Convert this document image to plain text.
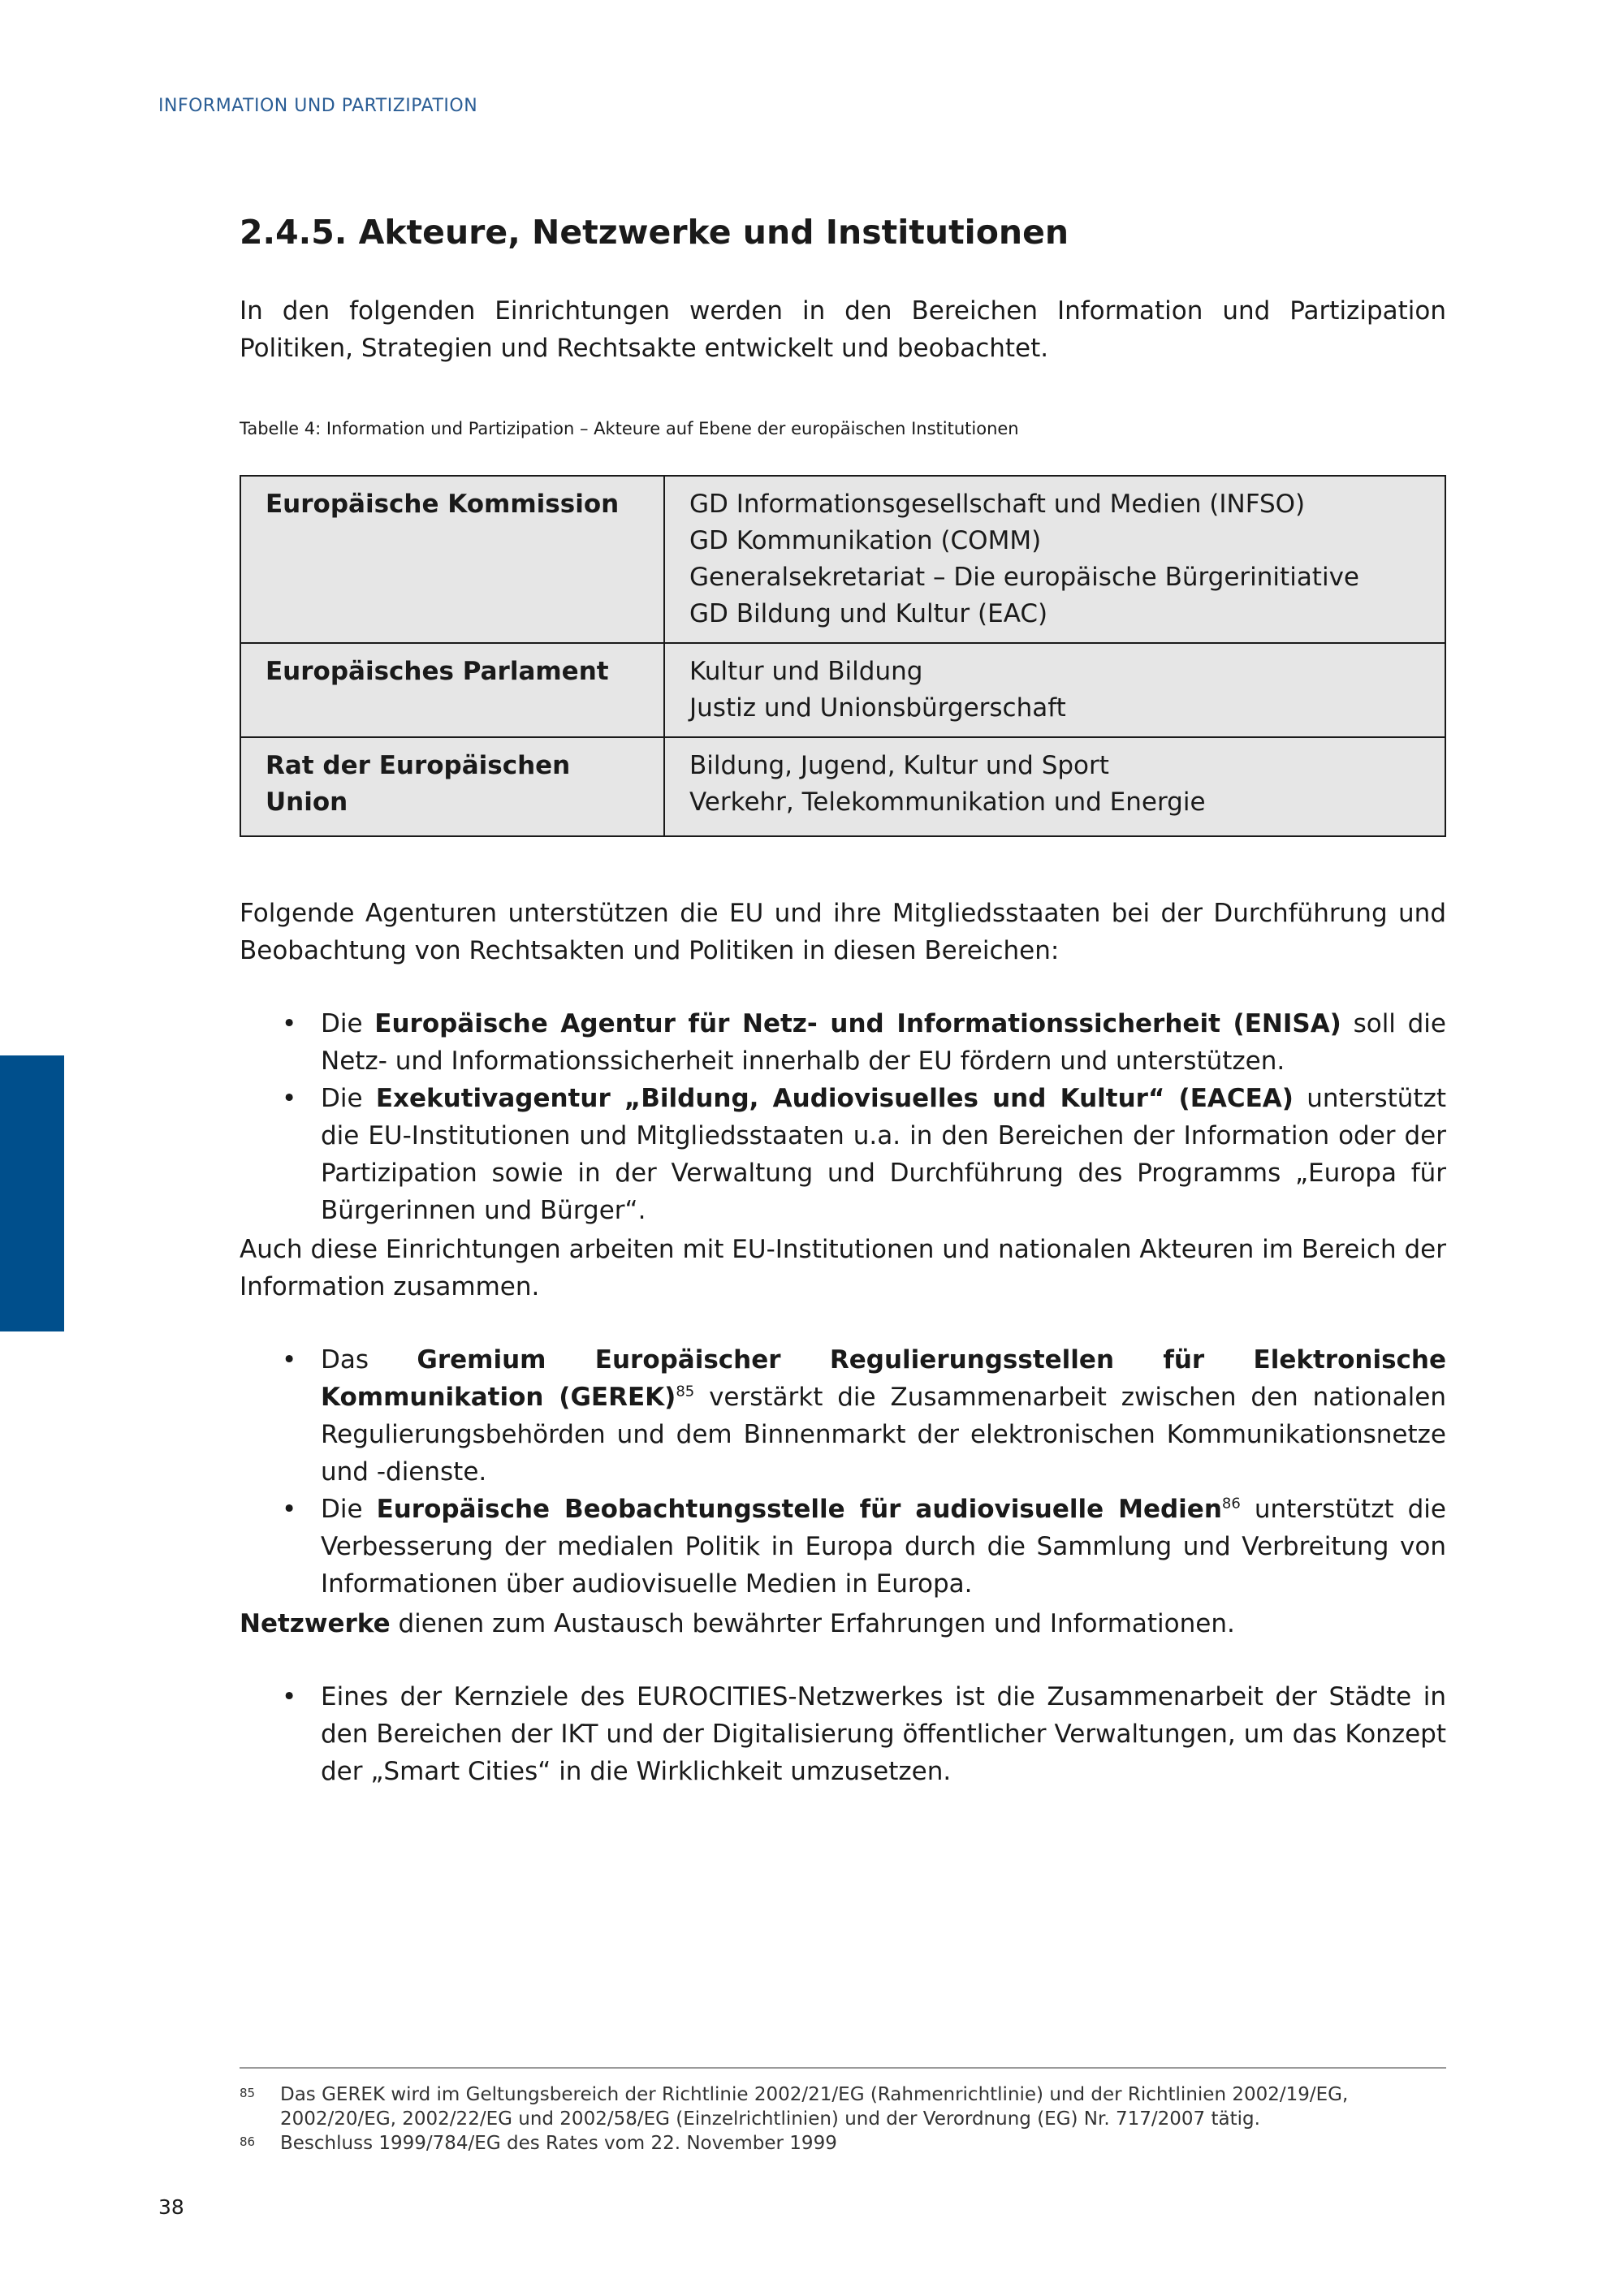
INFORMATION UND PARTIZIPATION
2.4.5. Akteure, Netzwerke und Institutionen

In den folgenden Einrichtungen werden in den Bereichen Information und Partizipation Politiken, Strategien und Rechtsakte entwickelt und beobachtet.

Tabelle 4: Information und Partizipation – Akteure auf Ebene der europäischen Institutionen
Europäische Kommission	GD Informationsgesellschaft und Medien (INFSO)
GD Kommunikation (COMM)
Generalsekretariat – Die europäische Bürgerinitiative
GD Bildung und Kultur (EAC)

Europäisches Parlament	Kultur und Bildung
Justiz und Unionsbürgerschaft

Rat der Europäischen Union	Bildung, Jugend, Kultur und Sport
Verkehr, Telekommunikation und Energie

Folgende Agenturen unterstützen die EU und ihre Mitgliedsstaaten bei der Durchführung und Beobachtung von Rechtsakten und Politiken in diesen Bereichen:

• Die Europäische Agentur für Netz- und Informationssicherheit (ENISA) soll die Netz- und Informationssicherheit innerhalb der EU fördern und unterstützen.
• Die Exekutivagentur „Bildung, Audiovisuelles und Kultur“ (EACEA) unterstützt die EU-Institutionen und Mitgliedsstaaten u.a. in den Bereichen der Information oder der Partizipation sowie in der Verwaltung und Durchführung des Programms „Europa für Bürgerinnen und Bürger“.

Auch diese Einrichtungen arbeiten mit EU-Institutionen und nationalen Akteuren im Bereich der Information zusammen.

• Das Gremium Europäischer Regulierungsstellen für Elektronische Kommunikation (GEREK)$^{85}$ verstärkt die Zusammenarbeit zwischen den nationalen Regulierungsbehörden und dem Binnenmarkt der elektronischen Kommunikationsnetze und -dienste.
• Die Europäische Beobachtungsstelle für audiovisuelle Medien$^{86}$ unterstützt die Verbesserung der medialen Politik in Europa durch die Sammlung und Verbreitung von Informationen über audiovisuelle Medien in Europa.

Netzwerke dienen zum Austausch bewährter Erfahrungen und Informationen.

• Eines der Kernziele des EUROCITIES-Netzwerkes ist die Zusammenarbeit der Städte in den Bereichen der IKT und der Digitalisierung öffentlicher Verwaltungen, um das Konzept der „Smart Cities“ in die Wirklichkeit umzusetzen.
85 Das GEREK wird im Geltungsbereich der Richtlinie 2002/21/EG (Rahmenrichtlinie) und der Richtlinien 2002/19/EG, 2002/20/EG, 2002/22/EG und 2002/58/EG (Einzelrichtlinien) und der Verordnung (EG) Nr. 717/2007 tätig.
86 Beschluss 1999/784/EG des Rates vom 22. November 1999
38
